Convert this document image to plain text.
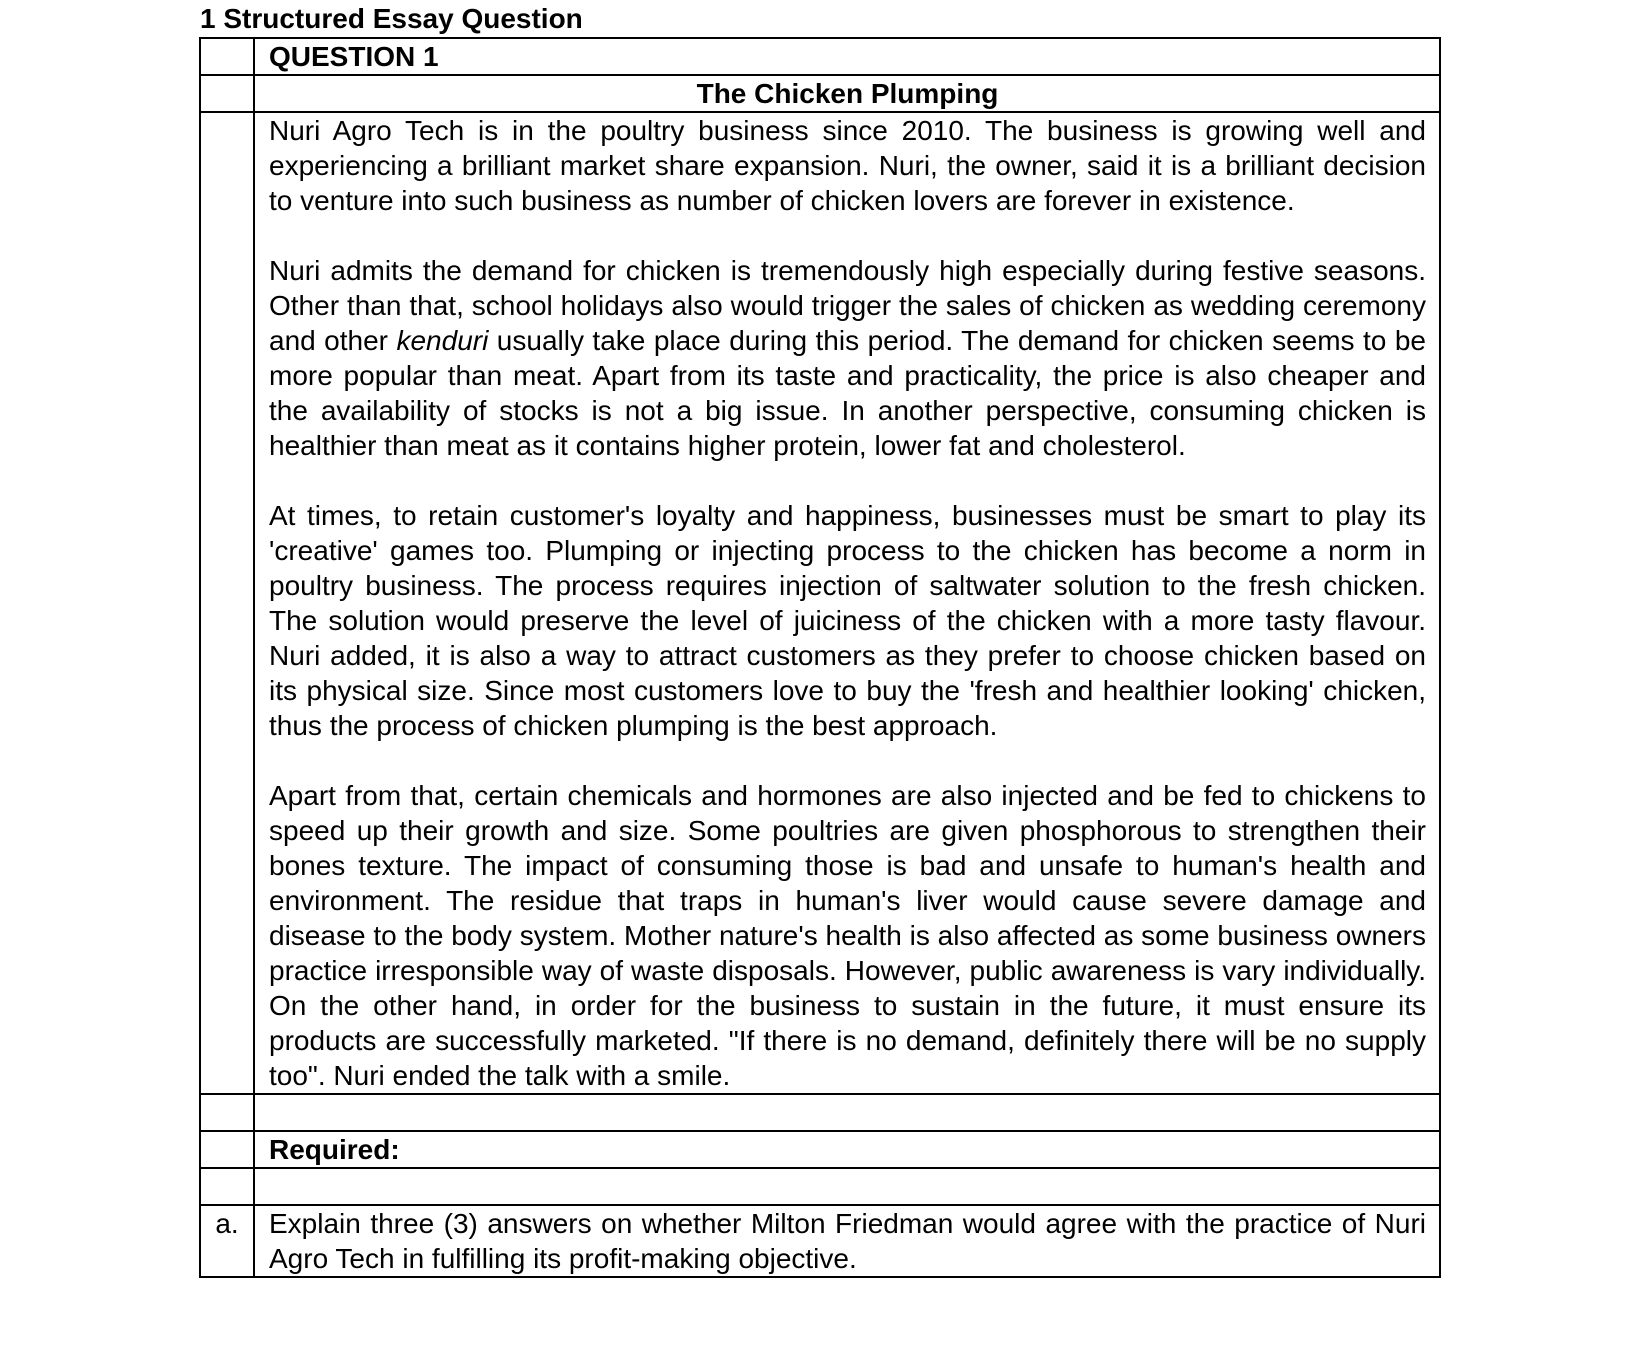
1 Structured Essay Question
	QUESTION 1
	The Chicken Plumping

	Nuri Agro Tech is in the poultry business since 2010. The business is growing well and experiencing a brilliant market share expansion. Nuri, the owner, said it is a brilliant decision to venture into such business as number of chicken lovers are forever in existence.

Nuri admits the demand for chicken is tremendously high especially during festive seasons. Other than that, school holidays also would trigger the sales of chicken as wedding ceremony and other kenduri usually take place during this period. The demand for chicken seems to be more popular than meat. Apart from its taste and practicality, the price is also cheaper and the availability of stocks is not a big issue. In another perspective, consuming chicken is healthier than meat as it contains higher protein, lower fat and cholesterol.

At times, to retain customer's loyalty and happiness, businesses must be smart to play its 'creative' games too. Plumping or injecting process to the chicken has become a norm in poultry business. The process requires injection of saltwater solution to the fresh chicken. The solution would preserve the level of juiciness of the chicken with a more tasty flavour. Nuri added, it is also a way to attract customers as they prefer to choose chicken based on its physical size. Since most customers love to buy the 'fresh and healthier looking' chicken, thus the process of chicken plumping is the best approach.

Apart from that, certain chemicals and hormones are also injected and be fed to chickens to speed up their growth and size. Some poultries are given phosphorous to strengthen their bones texture. The impact of consuming those is bad and unsafe to human's health and environment. The residue that traps in human's liver would cause severe damage and disease to the body system. Mother nature's health is also affected as some business owners practice irresponsible way of waste disposals. However, public awareness is vary individually. On the other hand, in order for the business to sustain in the future, it must ensure its products are successfully marketed. "If there is no demand, definitely there will be no supply too". Nuri ended the talk with a smile.

	Required:

a.	Explain three (3) answers on whether Milton Friedman would agree with the practice of Nuri Agro Tech in fulfilling its profit-making objective.
